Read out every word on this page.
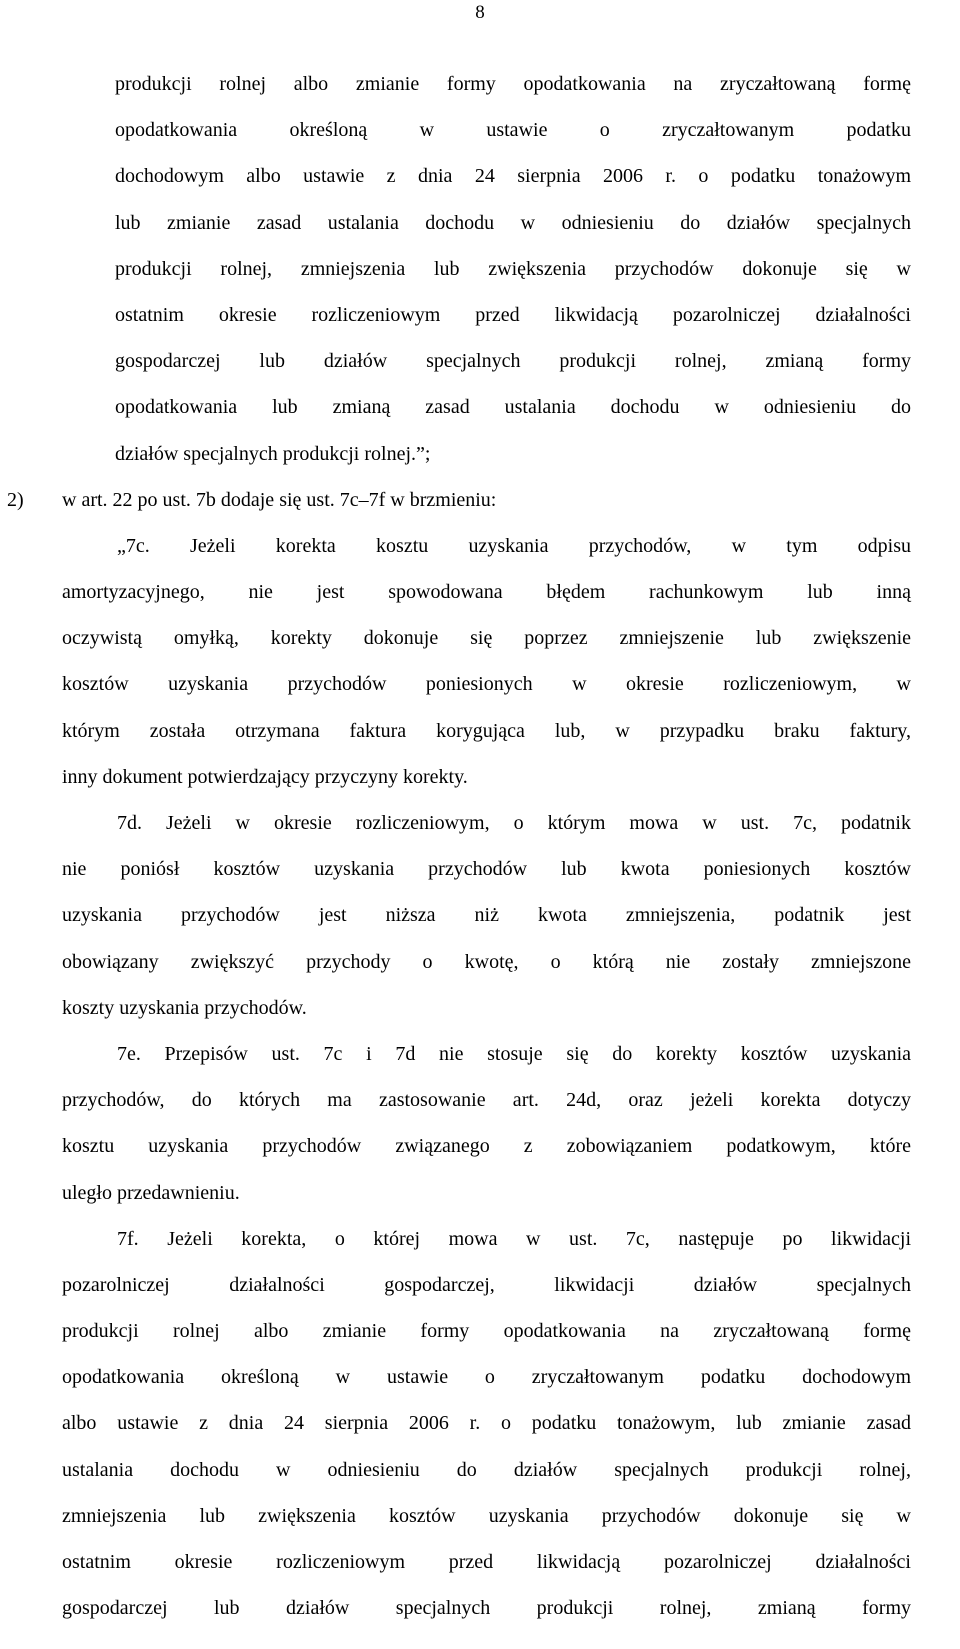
8
produkcji rolnej albo zmianie formy opodatkowania na zryczałtowaną formę
opodatkowania określoną w ustawie o zryczałtowanym podatku
dochodowym albo ustawie z dnia 24 sierpnia 2006 r. o podatku tonażowym
lub zmianie zasad ustalania dochodu w odniesieniu do działów specjalnych
produkcji rolnej, zmniejszenia lub zwiększenia przychodów dokonuje się w
ostatnim okresie rozliczeniowym przed likwidacją pozarolniczej działalności
gospodarczej lub działów specjalnych produkcji rolnej, zmianą formy
opodatkowania lub zmianą zasad ustalania dochodu w odniesieniu do
działów specjalnych produkcji rolnej.”;
2) w art. 22 po ust. 7b dodaje się ust. 7c–7f w brzmieniu:
„7c. Jeżeli korekta kosztu uzyskania przychodów, w tym odpisu
amortyzacyjnego, nie jest spowodowana błędem rachunkowym lub inną
oczywistą omyłką, korekty dokonuje się poprzez zmniejszenie lub zwiększenie
kosztów uzyskania przychodów poniesionych w okresie rozliczeniowym, w
którym została otrzymana faktura korygująca lub, w przypadku braku faktury,
inny dokument potwierdzający przyczyny korekty.
7d. Jeżeli w okresie rozliczeniowym, o którym mowa w ust. 7c, podatnik
nie poniósł kosztów uzyskania przychodów lub kwota poniesionych kosztów
uzyskania przychodów jest niższa niż kwota zmniejszenia, podatnik jest
obowiązany zwiększyć przychody o kwotę, o którą nie zostały zmniejszone
koszty uzyskania przychodów.
7e. Przepisów ust. 7c i 7d nie stosuje się do korekty kosztów uzyskania
przychodów, do których ma zastosowanie art. 24d, oraz jeżeli korekta dotyczy
kosztu uzyskania przychodów związanego z zobowiązaniem podatkowym, które
uległo przedawnieniu.
7f. Jeżeli korekta, o której mowa w ust. 7c, następuje po likwidacji
pozarolniczej działalności gospodarczej, likwidacji działów specjalnych
produkcji rolnej albo zmianie formy opodatkowania na zryczałtowaną formę
opodatkowania określoną w ustawie o zryczałtowanym podatku dochodowym
albo ustawie z dnia 24 sierpnia 2006 r. o podatku tonażowym, lub zmianie zasad
ustalania dochodu w odniesieniu do działów specjalnych produkcji rolnej,
zmniejszenia lub zwiększenia kosztów uzyskania przychodów dokonuje się w
ostatnim okresie rozliczeniowym przed likwidacją pozarolniczej działalności
gospodarczej lub działów specjalnych produkcji rolnej, zmianą formy
